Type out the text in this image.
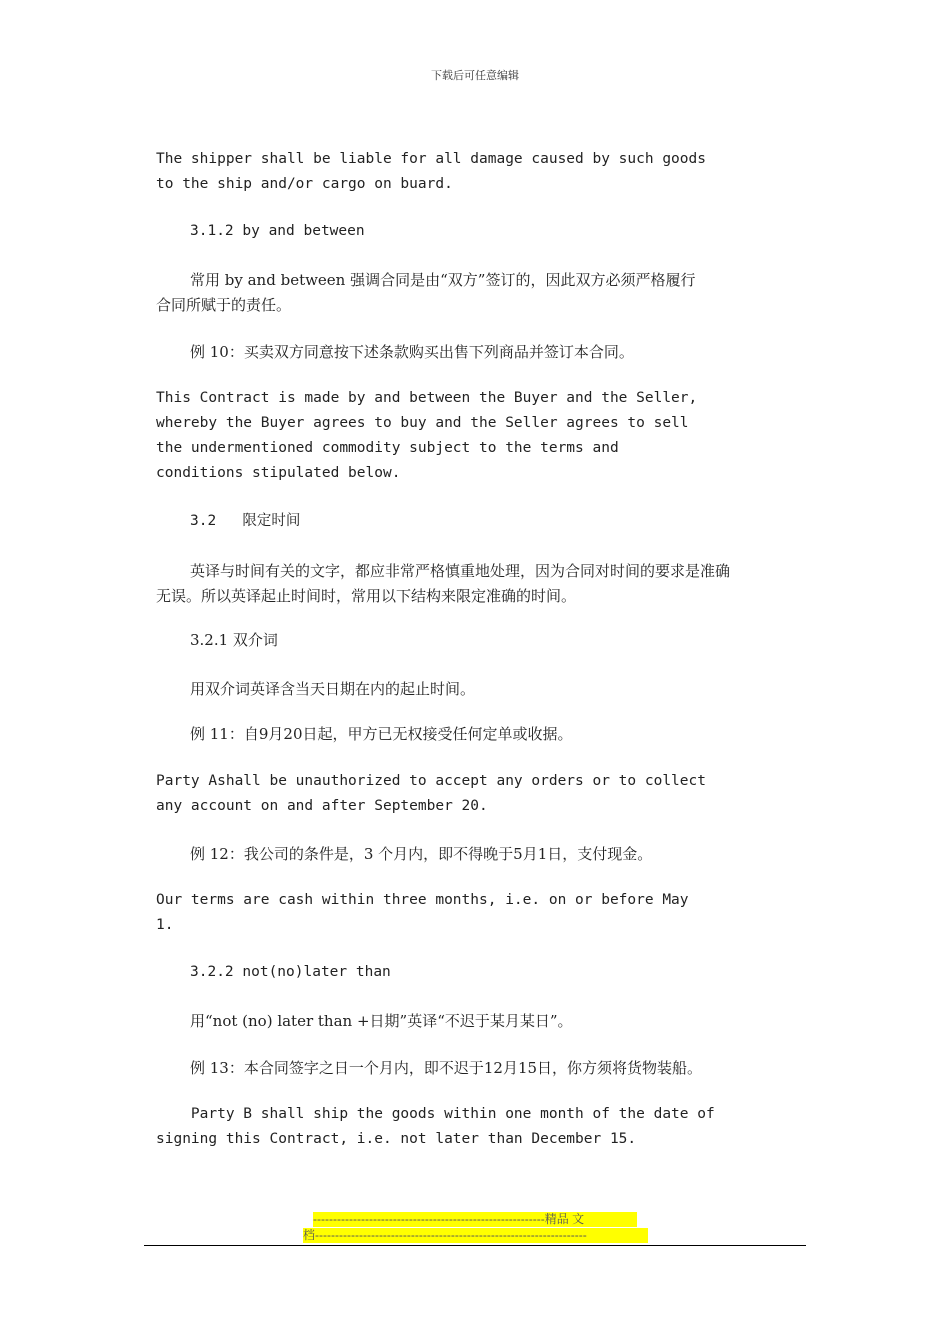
下载后可任意编辑
The shipper shall be liable for all damage caused by such goods
to the ship and/or cargo on buard.
3.1.2 by and between
常用 by and between 强调合同是由“双方”签订的，因此双方必须严格履行
合同所赋于的责任。
例 10：买卖双方同意按下述条款购买出售下列商品并签订本合同。
This Contract is made by and between the Buyer and the Seller,
whereby the Buyer agrees to buy and the Seller agrees to sell
the undermentioned commodity subject to the terms and
conditions stipulated below.
3.2   限定时间
英译与时间有关的文字，都应非常严格慎重地处理，因为合同对时间的要求是准确
无误。所以英译起止时间时，常用以下结构来限定准确的时间。
3.2.1 双介词
用双介词英译含当天日期在内的起止时间。
例 11：自9月20日起，甲方已无权接受任何定单或收据。
Party Ashall be unauthorized to accept any orders or to collect
any account on and after September 20.
例 12：我公司的条件是，3 个月内，即不得晚于5月1日，支付现金。
Our terms are cash within three months, i.e. on or before May
1.
3.2.2 not(no)later than
用“not (no) later than +日期”英译“不迟于某月某日”。
例 13：本合同签字之日一个月内，即不迟于12月15日，你方须将货物装船。
Party B shall ship the goods within one month of the date of
signing this Contract, i.e. not later than December 15.
----------------------------------------------------------精品 文
档--------------------------------------------------------------------
